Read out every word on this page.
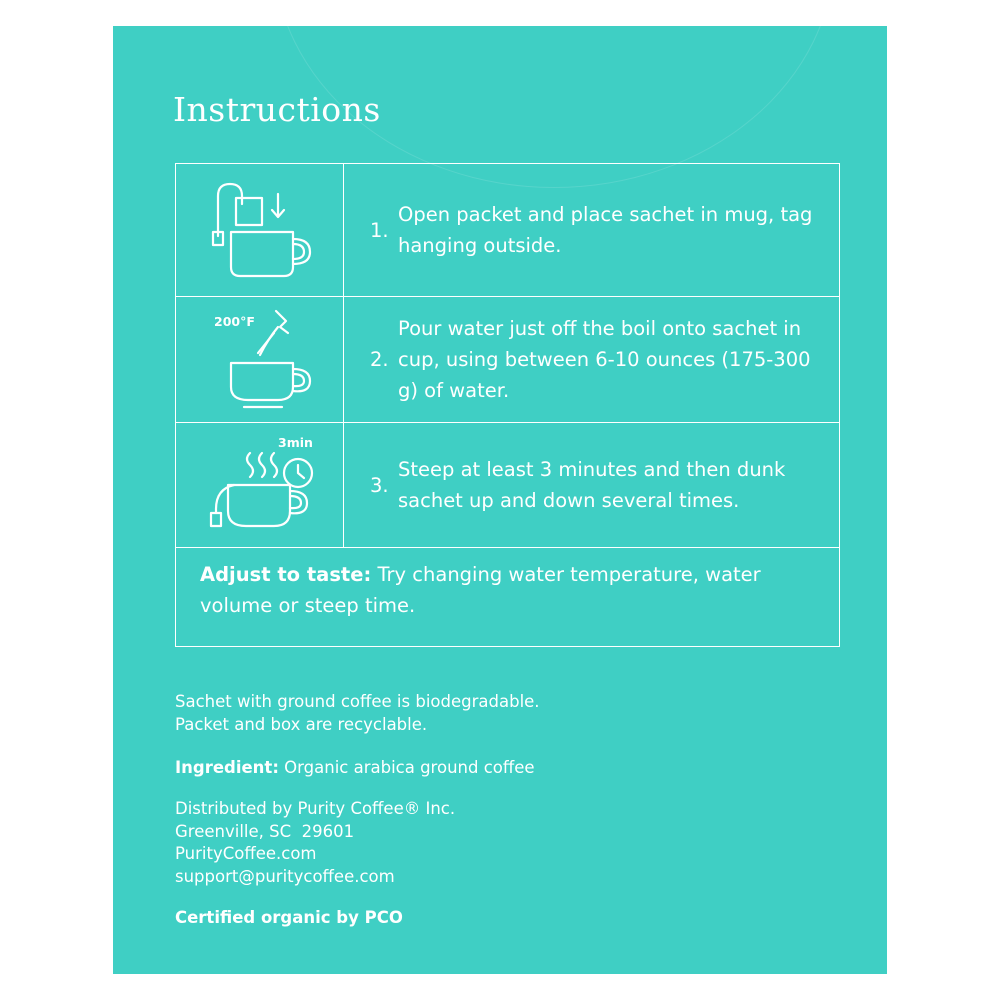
Instructions
1.
Open packet and place sachet in mug, tag hanging outside.
200°F
2.
Pour water just off the boil onto sachet in cup, using between 6-10 ounces (175-300 g) of water.
3min
3.
Steep at least 3 minutes and then dunk sachet up and down several times.
Adjust to taste: Try changing water temperature, water volume or steep time.
Sachet with ground coffee is biodegradable.
Packet and box are recyclable.
Ingredient: Organic arabica ground coffee
Distributed by Purity Coffee® Inc.
Greenville, SC  29601
PurityCoffee.com
support@puritycoffee.com
Certified organic by PCO
